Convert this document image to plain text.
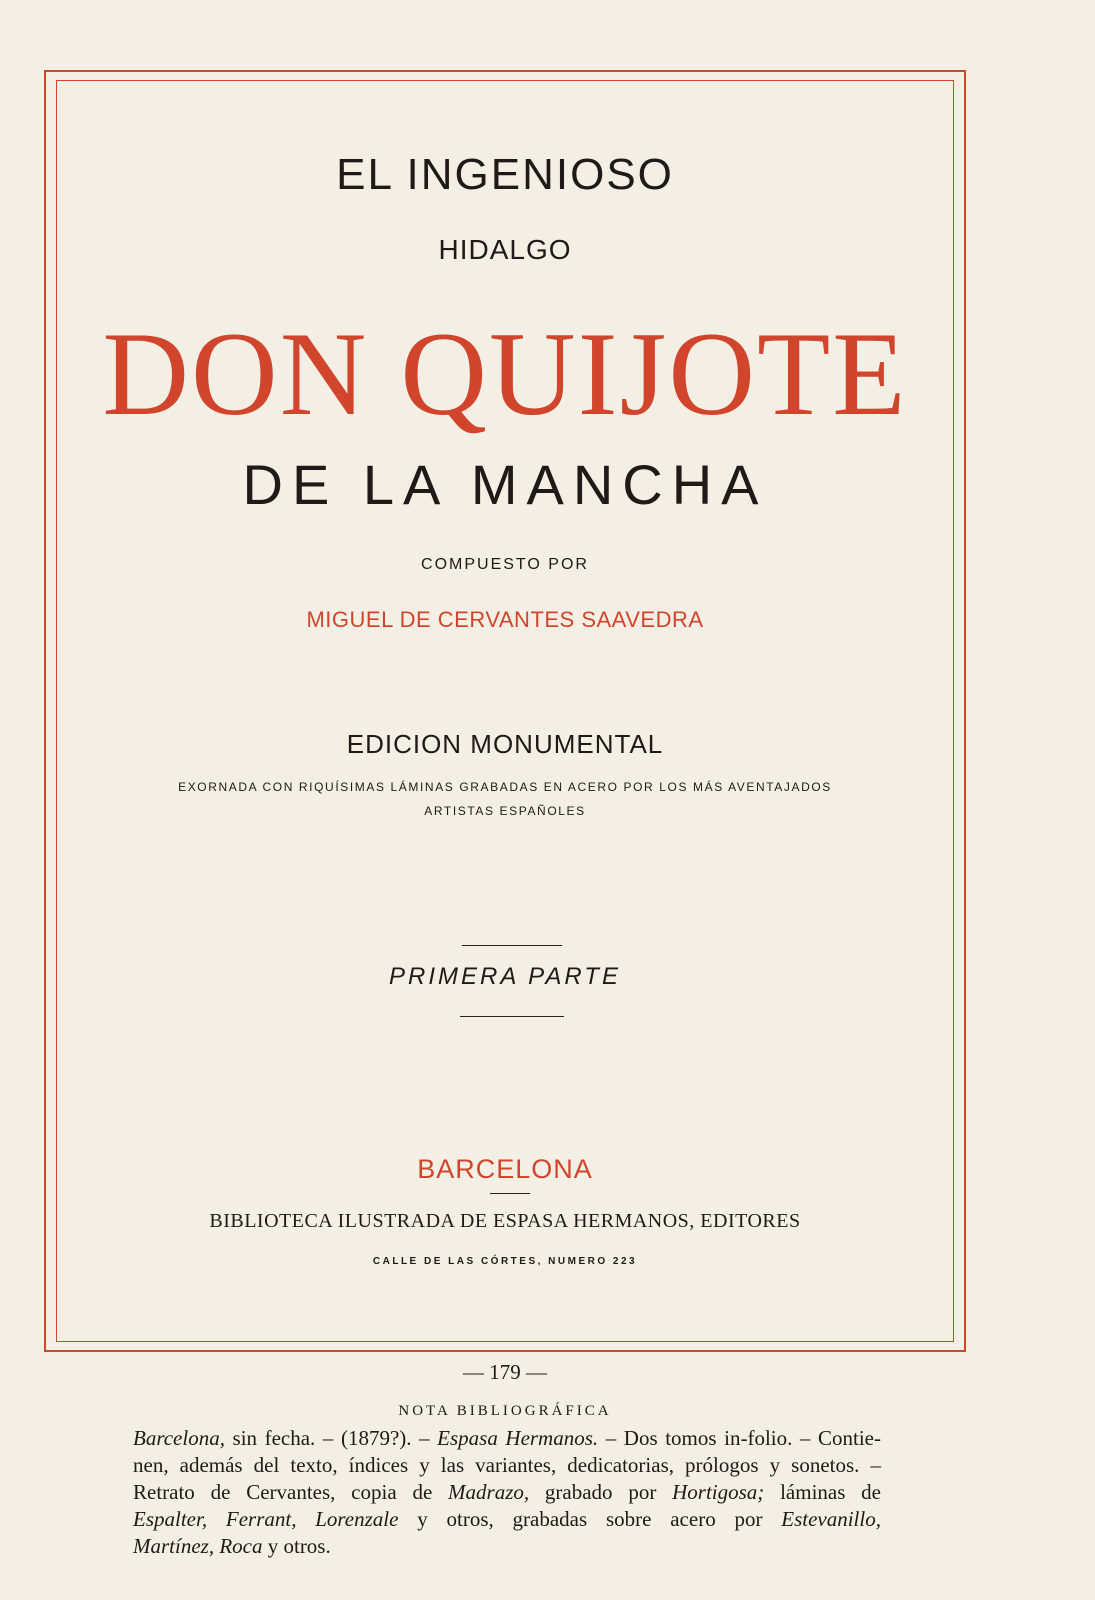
EL INGENIOSO
HIDALGO
DON QUIJOTE
DE LA MANCHA
COMPUESTO POR
MIGUEL DE CERVANTES SAAVEDRA
EDICION MONUMENTAL
EXORNADA CON RIQUÍSIMAS LÁMINAS GRABADAS EN ACERO POR LOS MÁS AVENTAJADOS
ARTISTAS ESPAÑOLES
PRIMERA PARTE
BARCELONA
BIBLIOTECA ILUSTRADA DE ESPASA HERMANOS, EDITORES
CALLE DE LAS CÓRTES, NUMERO 223
— 179 —
NOTA BIBLIOGRÁFICA
Barcelona, sin fecha. – (1879?). – Espasa Hermanos. – Dos tomos in-folio. – Contie-
nen, además del texto, índices y las variantes, dedicatorias, prólogos y sonetos. –
Retrato de Cervantes, copia de Madrazo, grabado por Hortigosa; láminas de
Espalter, Ferrant, Lorenzale y otros, grabadas sobre acero por Estevanillo,
Martínez, Roca y otros.
